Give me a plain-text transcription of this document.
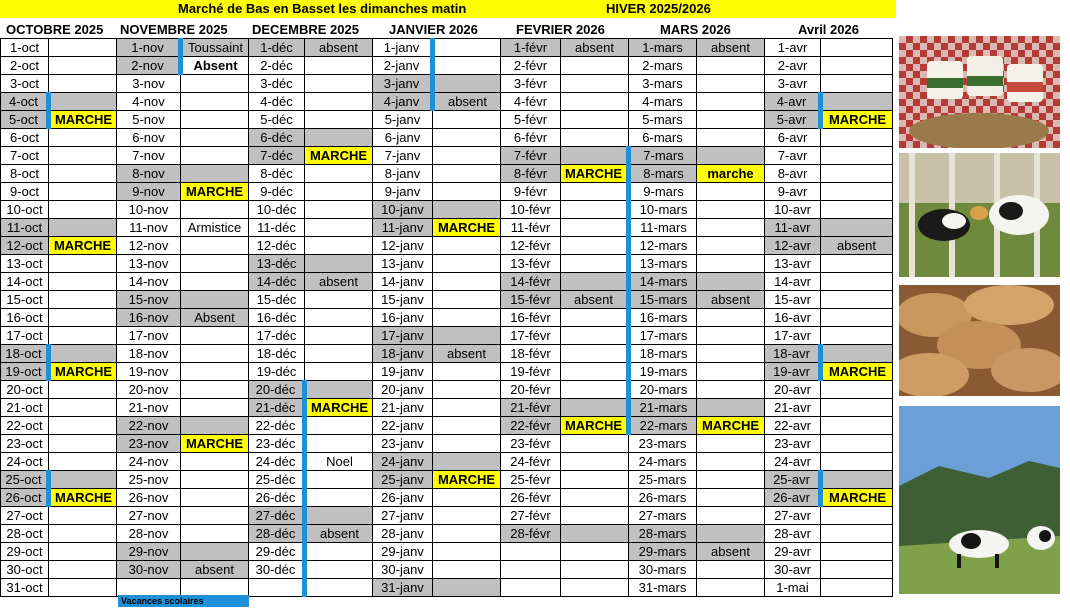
Marché de Bas en Basset les dimanches matin	HIVER 2025/2026
OCTOBRE 2025 NOVEMBRE 2025 DECEMBRE 2025 JANVIER 2026	FEVRIER 2026	MARS 2026	Avril 2026
1-oct		1-nov	Toussaint	1-déc	absent	1-janv		1-févr	absent	1-mars	absent	1-avr	
2-oct		2-nov	Absent	2-déc		2-janv		2-févr		2-mars		2-avr	
3-oct		3-nov		3-déc		3-janv		3-févr		3-mars		3-avr	
4-oct		4-nov		4-déc		4-janv	absent	4-févr		4-mars		4-avr	
5-oct	MARCHE	5-nov		5-déc		5-janv		5-févr		5-mars		5-avr	MARCHE
6-oct		6-nov		6-déc		6-janv		6-févr		6-mars		6-avr	
7-oct		7-nov		7-déc	MARCHE	7-janv		7-févr		7-mars		7-avr	
8-oct		8-nov		8-déc		8-janv		8-févr	MARCHE	8-mars	marche	8-avr	
9-oct		9-nov	MARCHE	9-déc		9-janv		9-févr		9-mars		9-avr	
10-oct		10-nov		10-déc		10-janv		10-févr		10-mars		10-avr	
11-oct		11-nov	Armistice	11-déc		11-janv	MARCHE	11-févr		11-mars		11-avr	
12-oct	MARCHE	12-nov		12-déc		12-janv		12-févr		12-mars		12-avr	absent
13-oct		13-nov		13-déc		13-janv		13-févr		13-mars		13-avr	
14-oct		14-nov		14-déc	absent	14-janv		14-févr		14-mars		14-avr	
15-oct		15-nov		15-déc		15-janv		15-févr	absent	15-mars	absent	15-avr	
16-oct		16-nov	Absent	16-déc		16-janv		16-févr		16-mars		16-avr	
17-oct		17-nov		17-déc		17-janv		17-févr		17-mars		17-avr	
18-oct		18-nov		18-déc		18-janv	absent	18-févr		18-mars		18-avr	
19-oct	MARCHE	19-nov		19-déc		19-janv		19-févr		19-mars		19-avr	MARCHE
20-oct		20-nov		20-déc		20-janv		20-févr		20-mars		20-avr	
21-oct		21-nov		21-déc	MARCHE	21-janv		21-févr		21-mars		21-avr	
22-oct		22-nov		22-déc		22-janv		22-févr	MARCHE	22-mars	MARCHE	22-avr	
23-oct		23-nov	MARCHE	23-déc		23-janv		23-févr		23-mars		23-avr	
24-oct		24-nov		24-déc	Noel	24-janv		24-févr		24-mars		24-avr	
25-oct		25-nov		25-déc		25-janv	MARCHE	25-févr		25-mars		25-avr	
26-oct	MARCHE	26-nov		26-déc		26-janv		26-févr		26-mars		26-avr	MARCHE
27-oct		27-nov		27-déc		27-janv		27-févr		27-mars		27-avr	
28-oct		28-nov		28-déc	absent	28-janv		28-févr		28-mars		28-avr	
29-oct		29-nov		29-déc		29-janv				29-mars	absent	29-avr	
30-oct		30-nov	absent	30-déc		30-janv				30-mars		30-avr	
31-oct						31-janv				31-mars		1-mai	
Vacances scolaires
